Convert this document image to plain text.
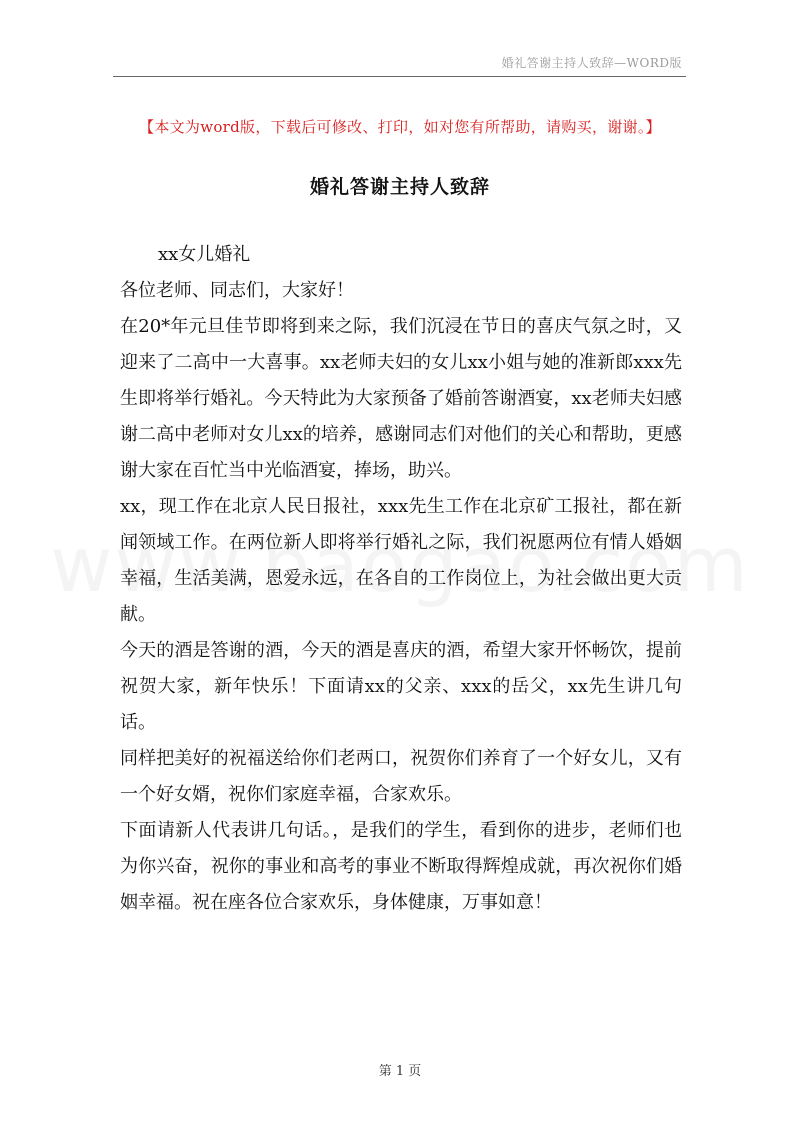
婚礼答谢主持人致辞—WORD版
【本文为word版，下载后可修改、打印，如对您有所帮助，请购买，谢谢。】
婚礼答谢主持人致辞

xx女儿婚礼

各位老师、同志们，大家好！

在20*年元旦佳节即将到来之际，我们沉浸在节日的喜庆气氛之时，又迎来了二高中一大喜事。xx老师夫妇的女儿xx小姐与她的准新郎xxx先生即将举行婚礼。今天特此为大家预备了婚前答谢酒宴，xx老师夫妇感谢二高中老师对女儿xx的培养，感谢同志们对他们的关心和帮助，更感谢大家在百忙当中光临酒宴，捧场，助兴。

xx，现工作在北京人民日报社，xxx先生工作在北京矿工报社，都在新闻领域工作。在两位新人即将举行婚礼之际，我们祝愿两位有情人婚姻幸福，生活美满，恩爱永远，在各自的工作岗位上，为社会做出更大贡献。

今天的酒是答谢的酒，今天的酒是喜庆的酒，希望大家开怀畅饮，提前祝贺大家，新年快乐！下面请xx的父亲、xxx的岳父，xx先生讲几句话。

同样把美好的祝福送给你们老两口，祝贺你们养育了一个好女儿，又有一个好女婿，祝你们家庭幸福，合家欢乐。

下面请新人代表讲几句话。，是我们的学生，看到你的进步，老师们也为你兴奋，祝你的事业和高考的事业不断取得辉煌成就，再次祝你们婚姻幸福。祝在座各位合家欢乐，身体健康，万事如意！

第 1 页
